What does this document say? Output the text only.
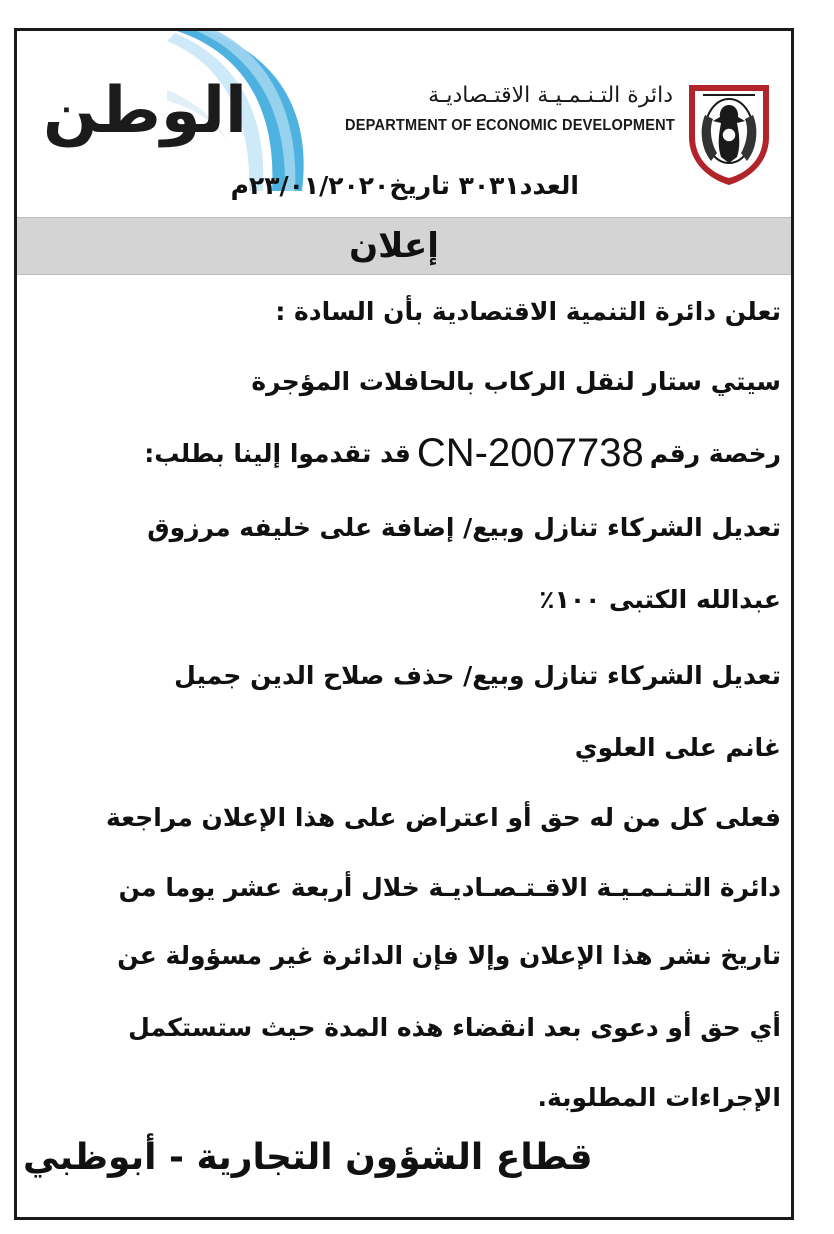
الوطن	دائرة التـنـمـيـة الاقتـصاديـة
DEPARTMENT OF ECONOMIC DEVELOPMENT
العدد٣٠٣١ تاريخ٢٣/٠١/٢٠٢٠م
إعلان
تعلن دائرة التنمية الاقتصادية بأن السادة :
سيتي ستار لنقل الركاب بالحافلات المؤجرة
رخصة رقمCN-2007738قد تقدموا إلينا بطلب:
تعديل الشركاء تنازل وبيع/ إضافة على خليفه مرزوق
عبدالله الكتبى ١٠٠٪
تعديل الشركاء تنازل وبيع/ حذف صلاح الدين جميل
غانم على العلوي
فعلى كل من له حق أو اعتراض على هذا الإعلان مراجعة
دائرة التـنـمـيـة الاقـتـصـاديـة خلال أربعة عشر يوما من
تاريخ نشر هذا الإعلان وإلا فإن الدائرة غير مسؤولة عن
أي حق أو دعوى بعد انقضاء هذه المدة حيث ستستكمل
الإجراءات المطلوبة.
قطاع الشؤون التجارية - أبوظبي
